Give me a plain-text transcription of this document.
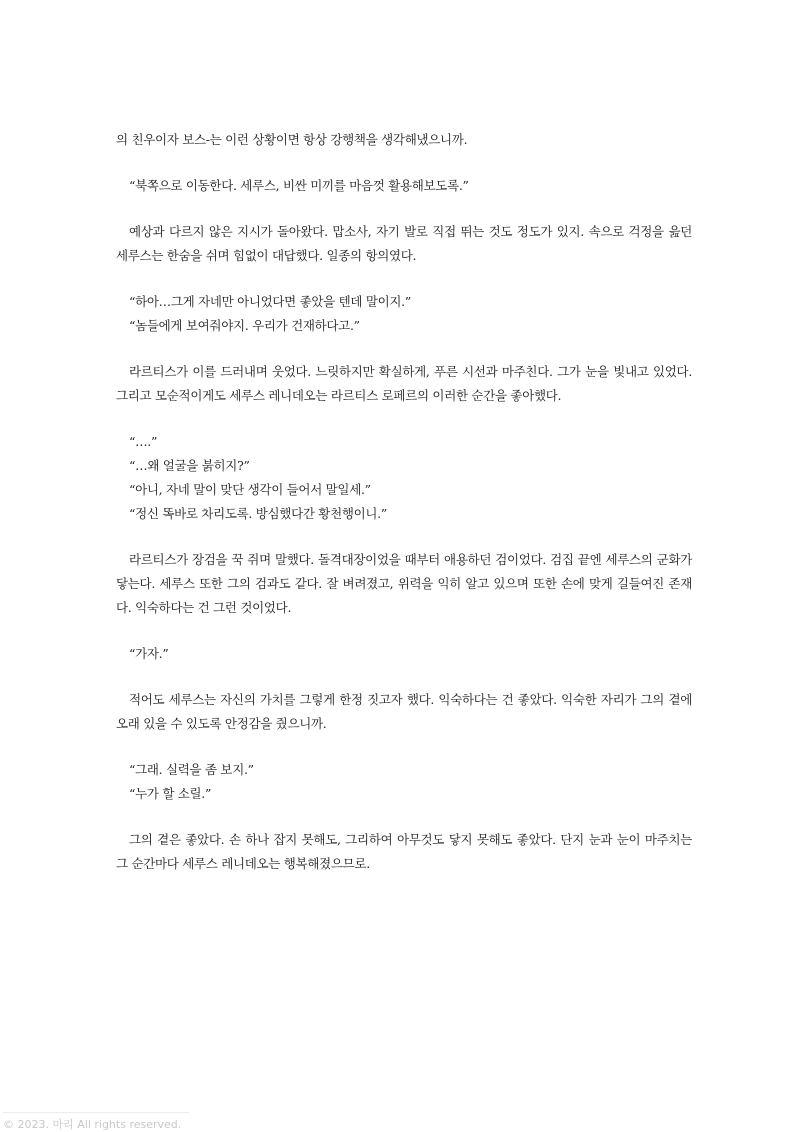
의 친우이자 보스-는 이런 상황이면 항상 강행책을 생각해냈으니까.

“북쪽으로 이동한다. 세루스, 비싼 미끼를 마음껏 활용해보도록.”

예상과 다르지 않은 지시가 돌아왔다. 맙소사, 자기 발로 직접 뛰는 것도 정도가 있지. 속으로 걱정을 읊던 세루스는 한숨을 쉬며 힘없이 대답했다. 일종의 항의였다.

“하아…그게 자네만 아니었다면 좋았을 텐데 말이지.”
“놈들에게 보여줘야지. 우리가 건재하다고.”

라르티스가 이를 드러내며 웃었다. 느릿하지만 확실하게, 푸른 시선과 마주친다. 그가 눈을 빛내고 있었다. 그리고 모순적이게도 세루스 레니데오는 라르티스 로페르의 이러한 순간을 좋아했다.

“….”
“…왜 얼굴을 붉히지?”
“아니, 자네 말이 맞단 생각이 들어서 말일세.”
“정신 똑바로 차리도록. 방심했다간 황천행이니.”

라르티스가 장검을 꾹 쥐며 말했다. 돌격대장이었을 때부터 애용하던 검이었다. 검집 끝엔 세루스의 군화가 닿는다. 세루스 또한 그의 검과도 같다. 잘 벼려졌고, 위력을 익히 알고 있으며 또한 손에 맞게 길들여진 존재다. 익숙하다는 건 그런 것이었다.

“가자.”

적어도 세루스는 자신의 가치를 그렇게 한정 짓고자 했다. 익숙하다는 건 좋았다. 익숙한 자리가 그의 곁에 오래 있을 수 있도록 안정감을 줬으니까.

“그래. 실력을 좀 보지.”
“누가 할 소릴.”

그의 곁은 좋았다. 손 하나 잡지 못해도, 그리하여 아무것도 닿지 못해도 좋았다. 단지 눈과 눈이 마주치는 그 순간마다 세루스 레니데오는 행복해졌으므로.

© 2023. 마리 All rights reserved.
